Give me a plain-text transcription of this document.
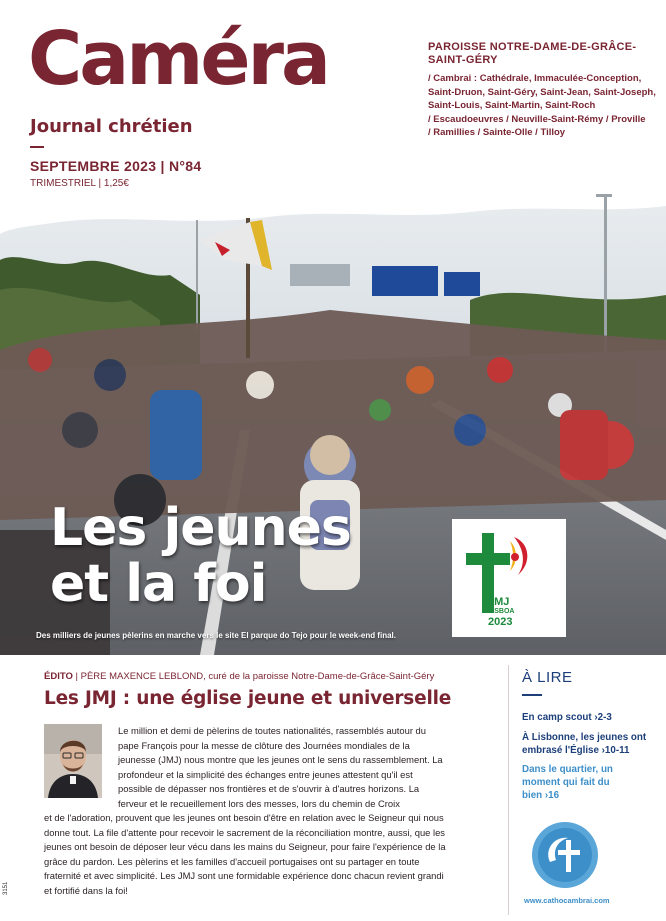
Caméra
Journal chrétien
SEPTEMBRE 2023 | N°84
TRIMESTRIEL | 1,25€
PAROISSE NOTRE-DAME-DE-GRÂCE-
SAINT-GÉRY
/ Cambrai : Cathédrale, Immaculée-Conception,
Saint-Druon, Saint-Géry, Saint-Jean, Saint-Joseph,
Saint-Louis, Saint-Martin, Saint-Roch
/ Escaudoeuvres / Neuville-Saint-Rémy / Proville
/ Ramillies / Sainte-Olle / Tilloy
BAPTISTE CAMPION
Les jeunes
et la foi
Des milliers de jeunes pèlerins en marche vers le site El parque do Tejo pour le week-end final.
JMJ
LISBOA
2023
ÉDITO | PÈRE MAXENCE LEBLOND, curé de la paroisse Notre-Dame-de-Grâce-Saint-Géry
Les JMJ : une église jeune et universelle
Le million et demi de pèlerins de toutes nationalités, rassemblés autour du pape François pour la messe de clôture des Journées mondiales de la jeunesse (JMJ) nous montre que les jeunes ont le sens du rassemblement. La profondeur et la simplicité des échanges entre jeunes attestent qu'il est possible de dépasser nos frontières et de s'ouvrir à d'autres horizons. La ferveur et le recueillement lors des messes, lors du chemin de Croix
et de l'adoration, prouvent que les jeunes ont besoin d'être en relation avec le Seigneur qui nous donne tout. La file d'attente pour recevoir le sacrement de la réconciliation montre, aussi, que les jeunes ont besoin de déposer leur vécu dans les mains du Seigneur, pour faire l'expérience de la grâce du pardon. Les pèlerins et les familles d'accueil portugaises ont su partager en toute fraternité et avec simplicité. Les JMJ sont une formidable expérience donc chacun revient grandi et fortifié dans la foi!
À LIRE
En camp scout ›2-3
À Lisbonne, les jeunes ont embrasé l'Église ›10-11
Dans le quartier, un moment qui fait du bien ›16
www.cathocambrai.com
3151
